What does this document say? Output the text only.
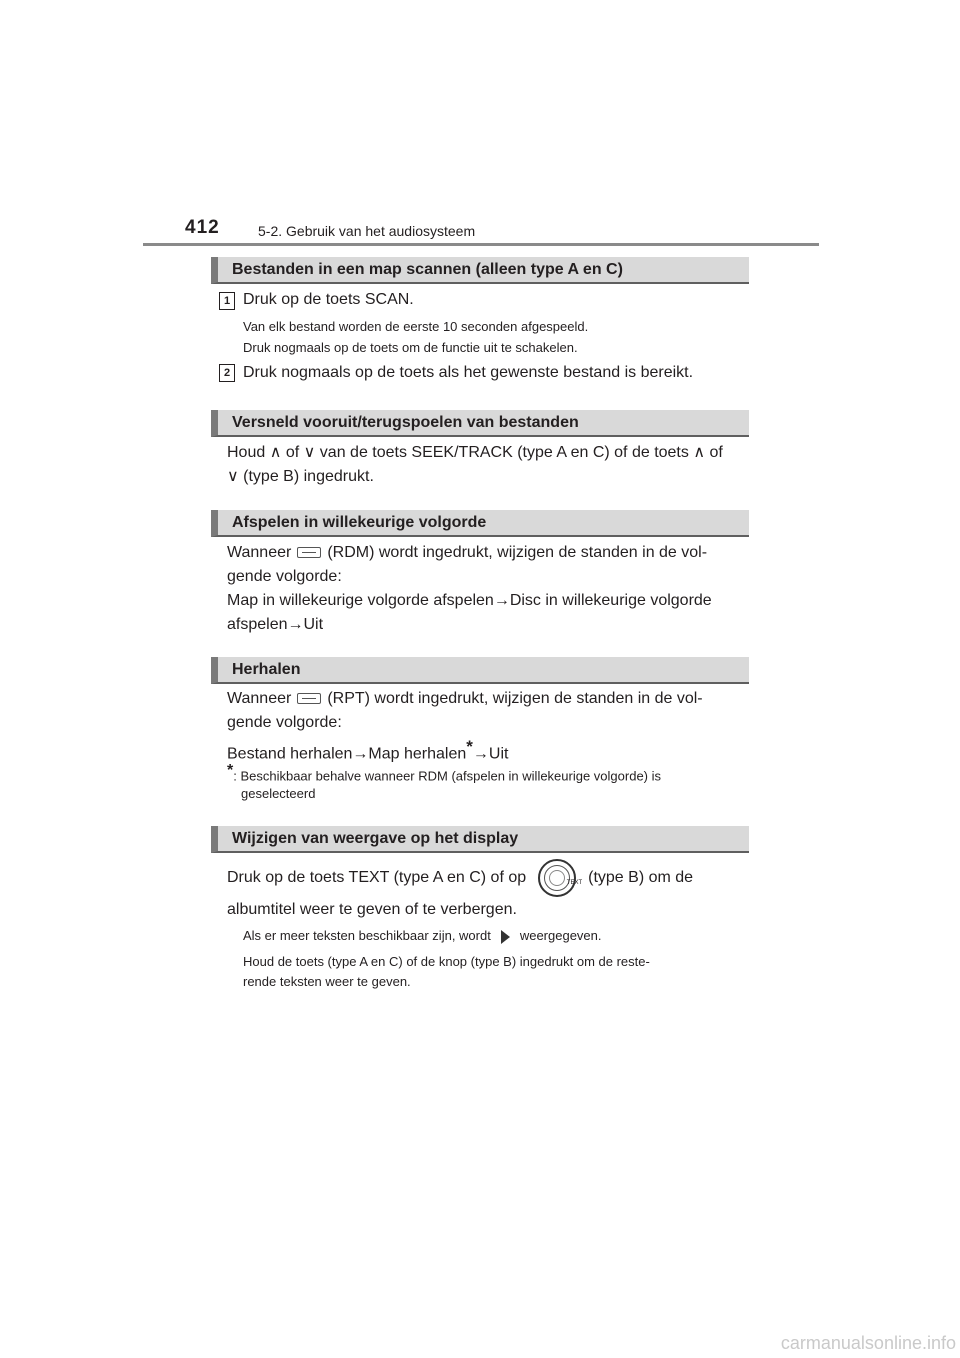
412	5-2. Gebruik van het audiosysteem
Bestanden in een map scannen (alleen type A en C)
1 Druk op de toets SCAN.
Van elk bestand worden de eerste 10 seconden afgespeeld.
Druk nogmaals op de toets om de functie uit te schakelen.
2 Druk nogmaals op de toets als het gewenste bestand is bereikt.
Versneld vooruit/terugspoelen van bestanden
Houd ∧ of ∨ van de toets SEEK/TRACK (type A en C) of de toets ∧ of
∨ (type B) ingedrukt.
Afspelen in willekeurige volgorde
Wanneer (RDM) wordt ingedrukt, wijzigen de standen in de vol-
gende volgorde:
Map in willekeurige volgorde afspelen→Disc in willekeurige volgorde
afspelen→Uit
Herhalen
Wanneer (RPT) wordt ingedrukt, wijzigen de standen in de vol-
gende volgorde:
Bestand herhalen→Map herhalen*→Uit
*: Beschikbaar behalve wanneer RDM (afspelen in willekeurige volgorde) is
geselecteerd
Wijzigen van weergave op het display
Druk op de toets TEXT (type A en C) of op	TEXT (type B) om de
albumtitel weer te geven of te verbergen.
Als er meer teksten beschikbaar zijn, wordt weergegeven.
Houd de toets (type A en C) of de knop (type B) ingedrukt om de reste-
rende teksten weer te geven.
carmanualsonline.info
